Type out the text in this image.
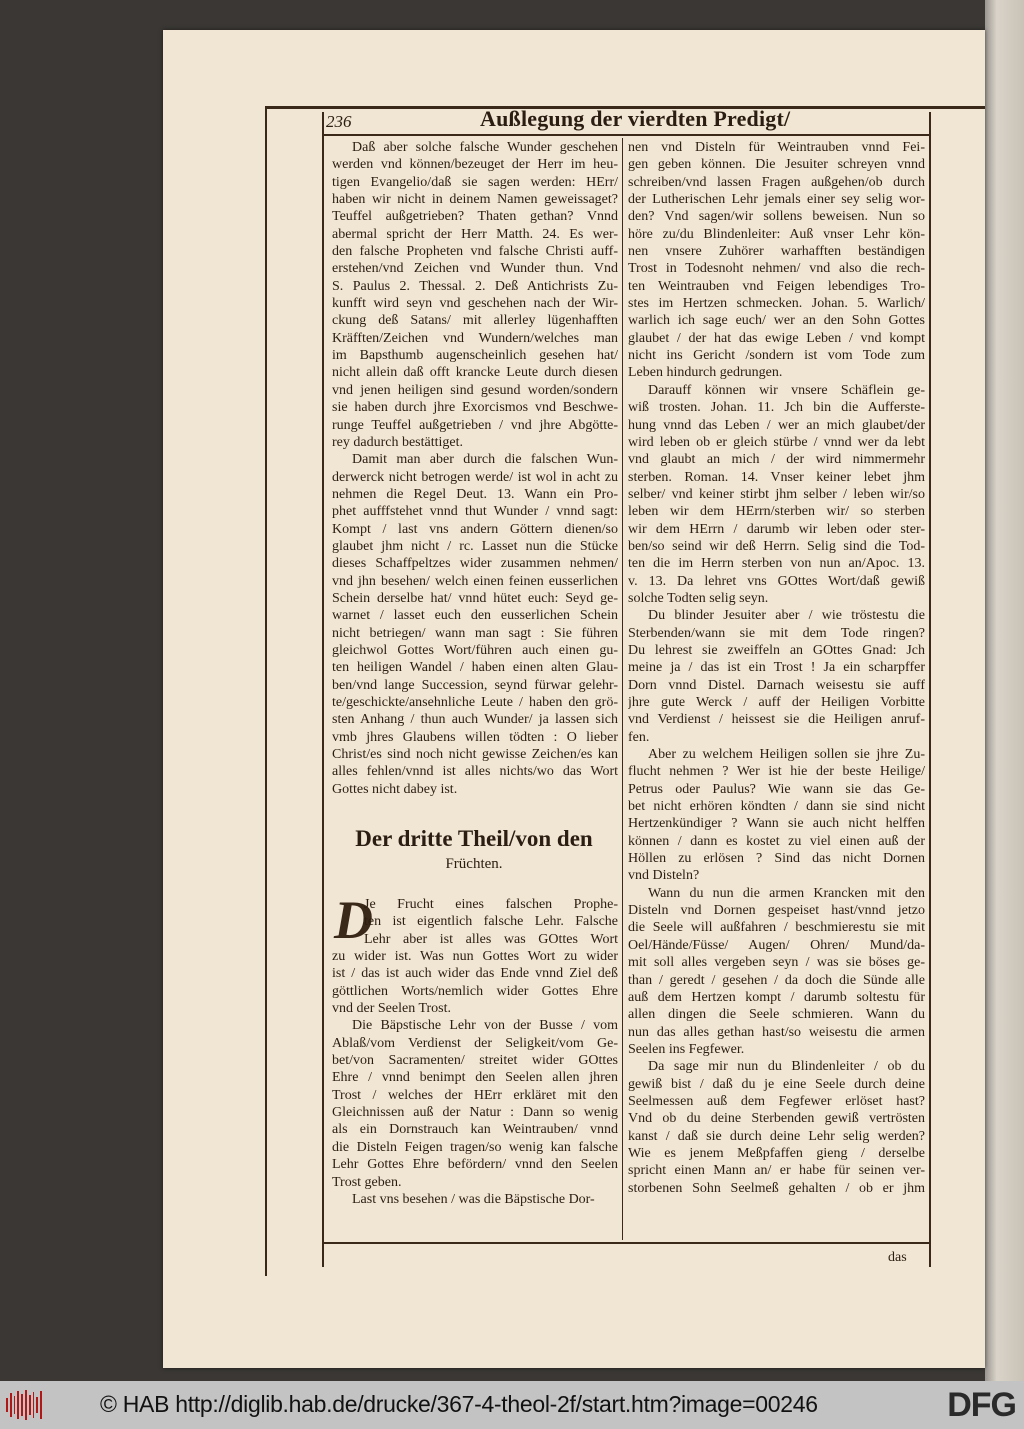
236	Außlegung der vierdten Predigt/
Daß aber solche falsche Wunder geschehen
werden vnd können/bezeuget der Herr im heu-
tigen Evangelio/daß sie sagen werden: HErr/
haben wir nicht in deinem Namen geweissaget?
Teuffel außgetrieben? Thaten gethan? Vnnd
abermal spricht der Herr Matth. 24. Es wer-
den falsche Propheten vnd falsche Christi auff-
erstehen/vnd Zeichen vnd Wunder thun. Vnd
S. Paulus 2. Thessal. 2. Deß Antichrists Zu-
kunfft wird seyn vnd geschehen nach der Wir-
ckung deß Satans/ mit allerley lügenhafften
Kräfften/Zeichen vnd Wundern/welches man
im Bapsthumb augenscheinlich gesehen hat/
nicht allein daß offt krancke Leute durch diesen
vnd jenen heiligen sind gesund worden/sondern
sie haben durch jhre Exorcismos vnd Beschwe-
runge Teuffel außgetrieben / vnd jhre Abgötte-
rey dadurch bestättiget.
Damit man aber durch die falschen Wun-
derwerck nicht betrogen werde/ ist wol in acht zu
nehmen die Regel Deut. 13. Wann ein Pro-
phet aufffstehet vnnd thut Wunder / vnnd sagt:
Kompt / last vns andern Göttern dienen/so
glaubet jhm nicht / rc. Lasset nun die Stücke
dieses Schaffpeltzes wider zusammen nehmen/
vnd jhn besehen/ welch einen feinen eusserlichen
Schein derselbe hat/ vnnd hütet euch: Seyd ge-
warnet / lasset euch den eusserlichen Schein
nicht betriegen/ wann man sagt : Sie führen
gleichwol Gottes Wort/führen auch einen gu-
ten heiligen Wandel / haben einen alten Glau-
ben/vnd lange Succession, seynd fürwar gelehr-
te/geschickte/ansehnliche Leute / haben den grö-
sten Anhang / thun auch Wunder/ ja lassen sich
vmb jhres Glaubens willen tödten : O lieber
Christ/es sind noch nicht gewisse Zeichen/es kan
alles fehlen/vnnd ist alles nichts/wo das Wort
Gottes nicht dabey ist.
Der dritte Theil/von den
Früchten.
D
Je Frucht eines falschen Prophe-
ten ist eigentlich falsche Lehr. Falsche
Lehr aber ist alles was GOttes Wort
zu wider ist. Was nun Gottes Wort zu wider
ist / das ist auch wider das Ende vnnd Ziel deß
göttlichen Worts/nemlich wider Gottes Ehre
vnd der Seelen Trost.
Die Bäpstische Lehr von der Busse / vom
Ablaß/vom Verdienst der Seligkeit/vom Ge-
bet/von Sacramenten/ streitet wider GOttes
Ehre / vnnd benimpt den Seelen allen jhren
Trost / welches der HErr erkläret mit den
Gleichnissen auß der Natur : Dann so wenig
als ein Dornstrauch kan Weintrauben/ vnnd
die Disteln Feigen tragen/so wenig kan falsche
Lehr Gottes Ehre befördern/ vnnd den Seelen
Trost geben.
Last vns besehen / was die Bäpstische Dor-
nen vnd Disteln für Weintrauben vnnd Fei-
gen geben können. Die Jesuiter schreyen vnnd
schreiben/vnd lassen Fragen außgehen/ob durch
der Lutherischen Lehr jemals einer sey selig wor-
den? Vnd sagen/wir sollens beweisen. Nun so
höre zu/du Blindenleiter: Auß vnser Lehr kön-
nen vnsere Zuhörer warhafften beständigen
Trost in Todesnoht nehmen/ vnd also die rech-
ten Weintrauben vnd Feigen lebendiges Tro-
stes im Hertzen schmecken. Johan. 5. Warlich/
warlich ich sage euch/ wer an den Sohn Gottes
glaubet / der hat das ewige Leben / vnd kompt
nicht ins Gericht /sondern ist vom Tode zum
Leben hindurch gedrungen.
Darauff können wir vnsere Schäflein ge-
wiß trosten. Johan. 11. Jch bin die Aufferste-
hung vnnd das Leben / wer an mich glaubet/der
wird leben ob er gleich stürbe / vnnd wer da lebt
vnd glaubt an mich / der wird nimmermehr
sterben. Roman. 14. Vnser keiner lebet jhm
selber/ vnd keiner stirbt jhm selber / leben wir/so
leben wir dem HErrn/sterben wir/ so sterben
wir dem HErrn / darumb wir leben oder ster-
ben/so seind wir deß Herrn. Selig sind die Tod-
ten die im Herrn sterben von nun an/Apoc. 13.
v. 13. Da lehret vns GOttes Wort/daß gewiß
solche Todten selig seyn.
Du blinder Jesuiter aber / wie tröstestu die
Sterbenden/wann sie mit dem Tode ringen?
Du lehrest sie zweiffeln an GOttes Gnad: Jch
meine ja / das ist ein Trost ! Ja ein scharpffer
Dorn vnnd Distel. Darnach weisestu sie auff
jhre gute Werck / auff der Heiligen Vorbitte
vnd Verdienst / heissest sie die Heiligen anruf-
fen.
Aber zu welchem Heiligen sollen sie jhre Zu-
flucht nehmen ? Wer ist hie der beste Heilige/
Petrus oder Paulus? Wie wann sie das Ge-
bet nicht erhören köndten / dann sie sind nicht
Hertzenkündiger ? Wann sie auch nicht helffen
können / dann es kostet zu viel einen auß der
Höllen zu erlösen ? Sind das nicht Dornen
vnd Disteln?
Wann du nun die armen Krancken mit den
Disteln vnd Dornen gespeiset hast/vnnd jetzo
die Seele will außfahren / beschmierestu sie mit
Oel/Hände/Füsse/ Augen/ Ohren/ Mund/da-
mit soll alles vergeben seyn / was sie böses ge-
than / geredt / gesehen / da doch die Sünde alle
auß dem Hertzen kompt / darumb soltestu für
allen dingen die Seele schmieren. Wann du
nun das alles gethan hast/so weisestu die armen
Seelen ins Fegfewer.
Da sage mir nun du Blindenleiter / ob du
gewiß bist / daß du je eine Seele durch deine
Seelmessen auß dem Fegfewer erlöset hast?
Vnd ob du deine Sterbenden gewiß vertrösten
kanst / daß sie durch deine Lehr selig werden?
Wie es jenem Meßpfaffen gieng / derselbe
spricht einen Mann an/ er habe für seinen ver-
storbenen Sohn Seelmeß gehalten / ob er jhm
das
© HAB http://diglib.hab.de/drucke/367-4-theol-2f/start.htm?image=00246	DFG
